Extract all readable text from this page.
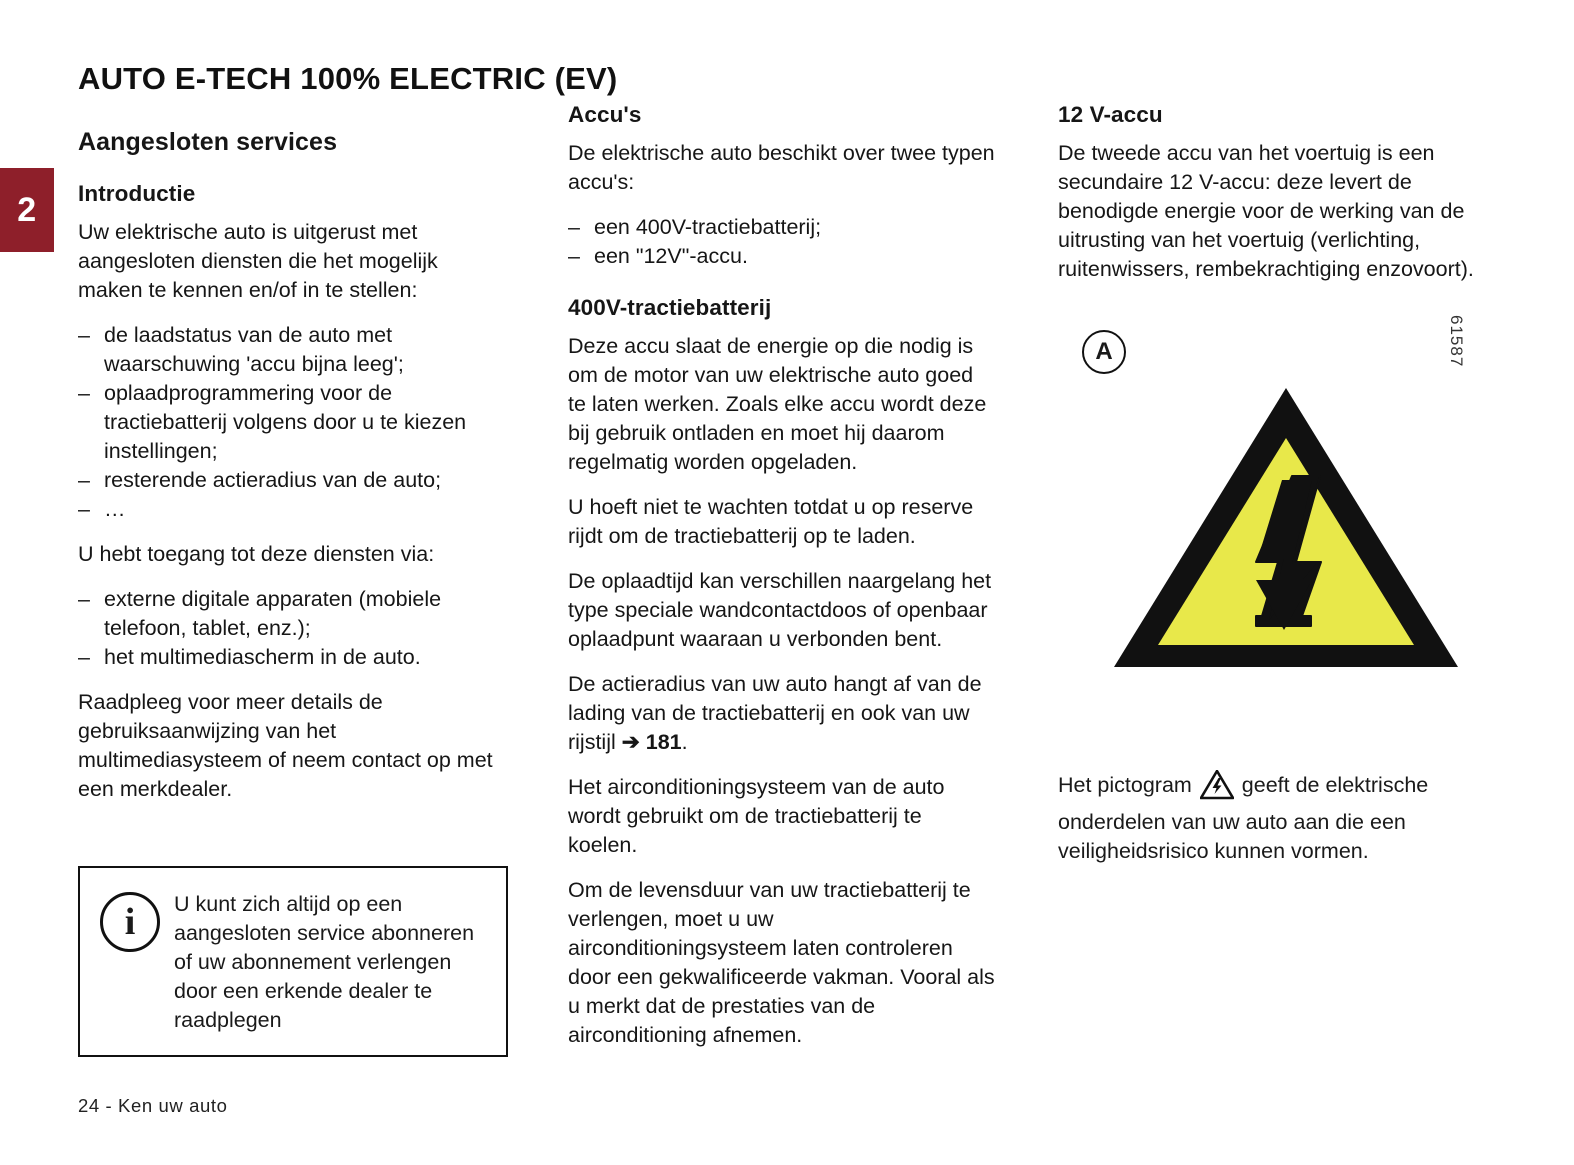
2
AUTO E-TECH 100% ELECTRIC (EV)
Aangesloten services
Introductie

Uw elektrische auto is uitgerust met aangesloten diensten die het mogelijk maken te kennen en/of in te stellen:

– de laadstatus van de auto met waarschuwing 'accu bijna leeg';
– oplaadprogrammering voor de tractiebatterij volgens door u te kiezen instellingen;
– resterende actieradius van de auto;
– …

U hebt toegang tot deze diensten via:

– externe digitale apparaten (mobiele telefoon, tablet, enz.);
– het multimediascherm in de auto.

Raadpleeg voor meer details de gebruiksaanwijzing van het multimediasysteem of neem contact op met een merkdealer.

i	U kunt zich altijd op een aangesloten service abonneren of uw abonnement verlengen door een erkende dealer te raadplegen
Accu's

De elektrische auto beschikt over twee typen accu's:

– een 400V-tractiebatterij;
– een "12V"-accu.
400V-tractiebatterij

Deze accu slaat de energie op die nodig is om de motor van uw elektrische auto goed te laten werken. Zoals elke accu wordt deze bij gebruik ontladen en moet hij daarom regelmatig worden opgeladen.

U hoeft niet te wachten totdat u op reserve rijdt om de tractiebatterij op te laden.

De oplaadtijd kan verschillen naargelang het type speciale wandcontactdoos of openbaar oplaadpunt waaraan u verbonden bent.

De actieradius van uw auto hangt af van de lading van de tractiebatterij en ook van uw rijstijl ➔ 181.

Het airconditioningsysteem van de auto wordt gebruikt om de tractiebatterij te koelen.

Om de levensduur van uw tractiebatterij te verlengen, moet u uw airconditioningsysteem laten controleren door een gekwalificeerde vakman. Vooral als u merkt dat de prestaties van de airconditioning afnemen.

12 V-accu

De tweede accu van het voertuig is een secundaire 12 V-accu: deze levert de benodigde energie voor de werking van de uitrusting van het voertuig (verlichting, ruitenwissers, rembekrachtiging enzovoort).

A	61587
Het pictogram  geeft de elektrische onderdelen van uw auto aan die een veiligheidsrisico kunnen vormen.
24 - Ken uw auto
